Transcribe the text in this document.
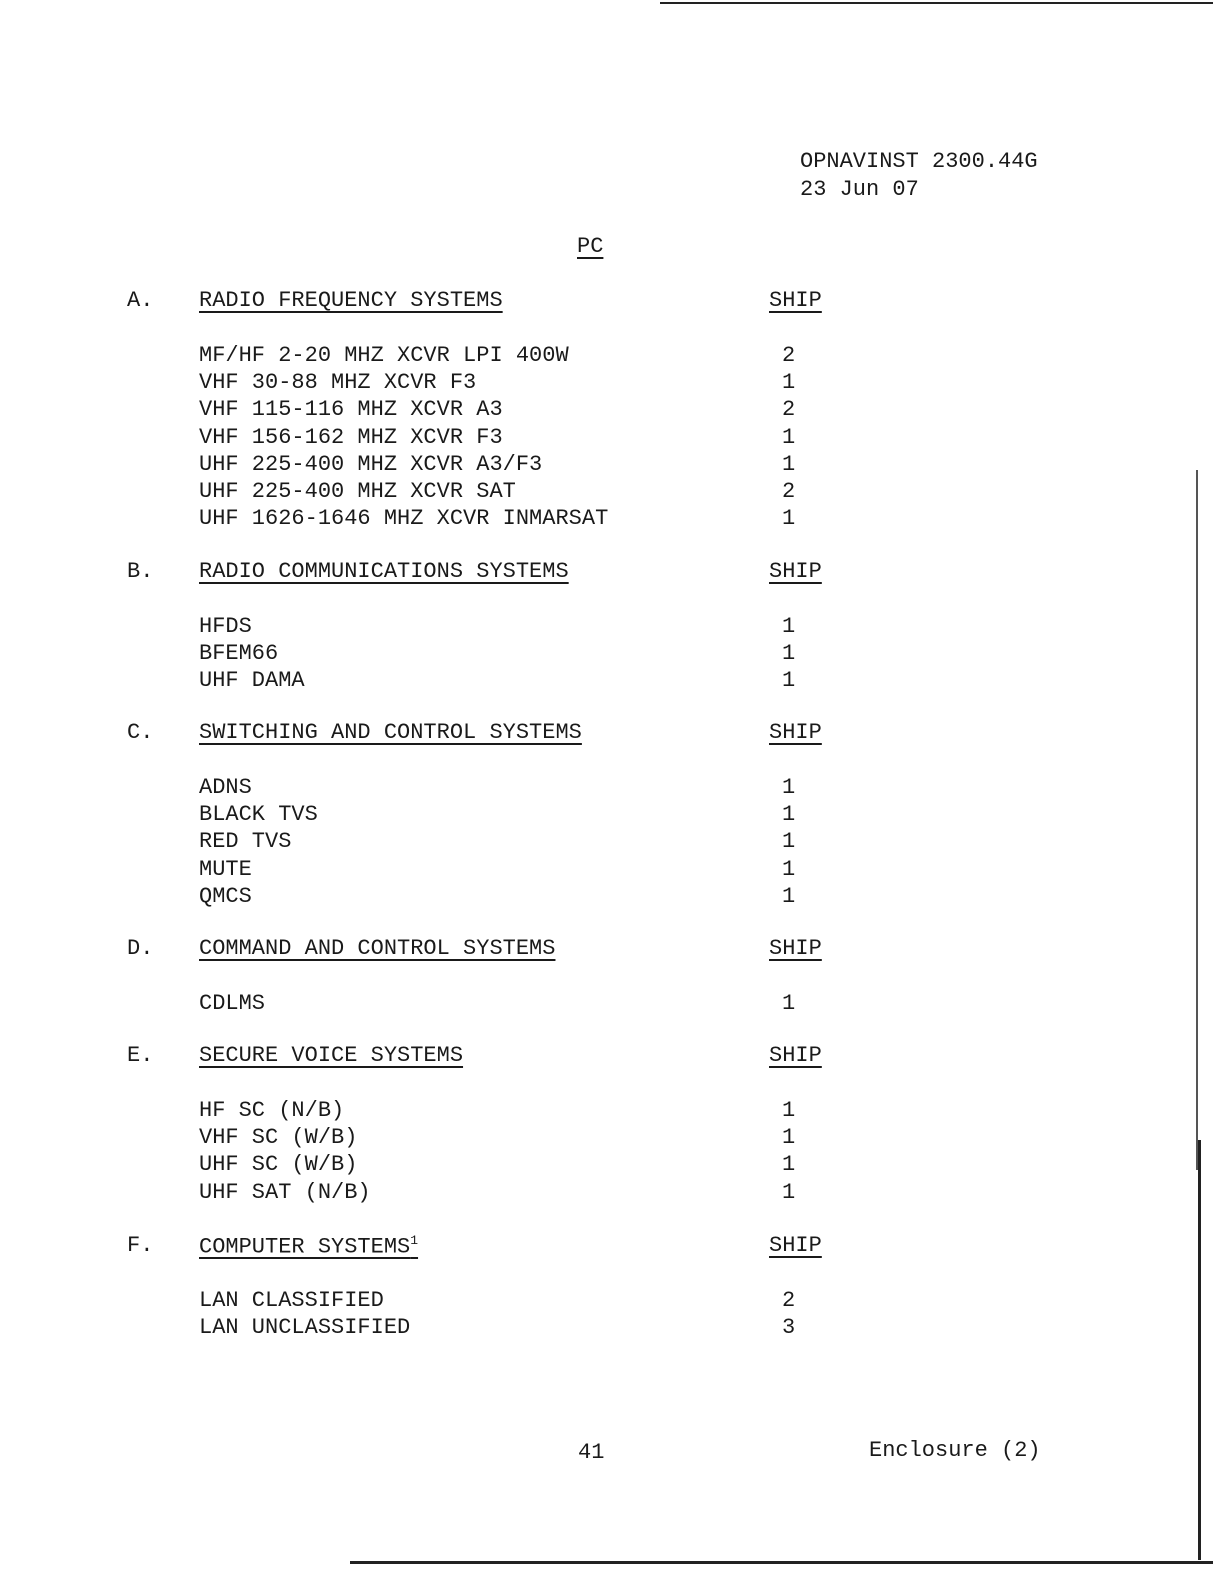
OPNAVINST 2300.44G
23 Jun 07
PC
A. RADIO FREQUENCY SYSTEMS	SHIP
MF/HF 2-20 MHZ XCVR LPI 400W	2
VHF 30-88 MHZ XCVR F3	1
VHF 115-116 MHZ XCVR A3	2
VHF 156-162 MHZ XCVR F3	1
UHF 225-400 MHZ XCVR A3/F3	1
UHF 225-400 MHZ XCVR SAT	2
UHF 1626-1646 MHZ XCVR INMARSAT	1
B. RADIO COMMUNICATIONS SYSTEMS	SHIP
HFDS	1
BFEM66	1
UHF DAMA	1
C. SWITCHING AND CONTROL SYSTEMS	SHIP
ADNS	1
BLACK TVS	1
RED TVS	1
MUTE	1
QMCS	1
D. COMMAND AND CONTROL SYSTEMS	SHIP
CDLMS	1
E. SECURE VOICE SYSTEMS	SHIP
HF SC (N/B)	1
VHF SC (W/B)	1
UHF SC (W/B)	1
UHF SAT (N/B)	1
F. COMPUTER SYSTEMS$^1$	SHIP
LAN CLASSIFIED	2
LAN UNCLASSIFIED	3
41	Enclosure (2)
